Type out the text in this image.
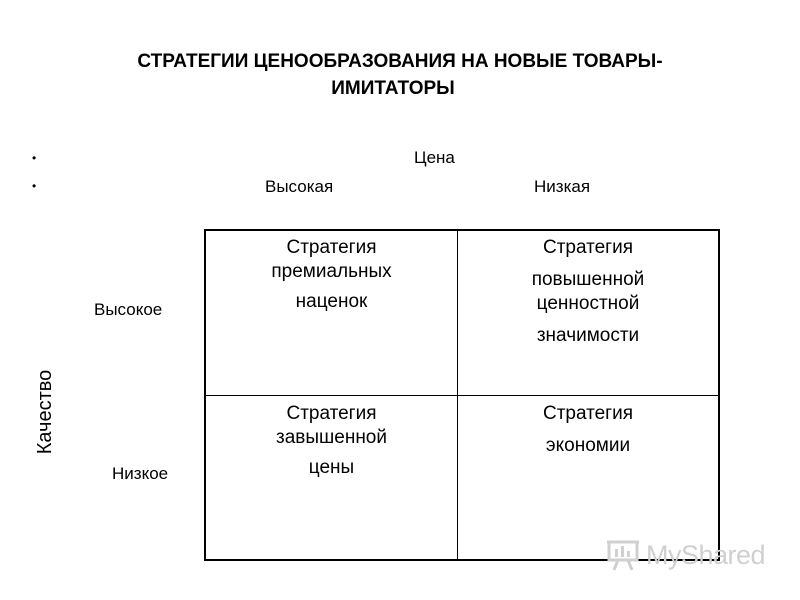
СТРАТЕГИИ ЦЕНООБРАЗОВАНИЯ НА НОВЫЕ ТОВАРЫ-
ИМИТАТОРЫ
•
•
Цена
Высокая	Низкая
Высокое
Низкое
Качество
Стратегия
премиальных
наценок
Стратегия
повышенной
ценностной
значимости
Стратегия
завышенной
цены
Стратегия
экономии
MyShared
